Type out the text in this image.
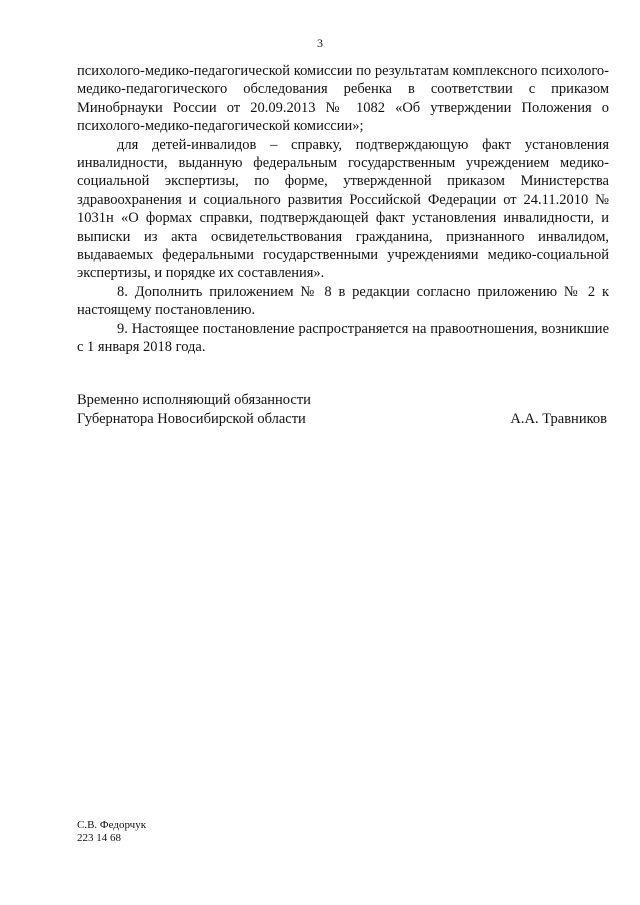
3

психолого-медико-педагогической комиссии по результатам комплексного психолого-медико-педагогического обследования ребенка в соответствии с приказом Минобрнауки России от 20.09.2013 № 1082 «Об утверждении Положения о психолого-медико-педагогической комиссии»;

для детей-инвалидов – справку, подтверждающую факт установления инвалидности, выданную федеральным государственным учреждением медико-социальной экспертизы, по форме, утвержденной приказом Министерства здравоохранения и социального развития Российской Федерации от 24.11.2010 № 1031н «О формах справки, подтверждающей факт установления инвалидности, и выписки из акта освидетельствования гражданина, признанного инвалидом, выдаваемых федеральными государственными учреждениями медико-социальной экспертизы, и порядке их составления».

8. Дополнить приложением № 8 в редакции согласно приложению № 2 к настоящему постановлению.

9. Настоящее постановление распространяется на правоотношения, возникшие с 1 января 2018 года.

Временно исполняющий обязанности
Губернатора Новосибирской области	А.А. Травников
С.В. Федорчук
223 14 68
